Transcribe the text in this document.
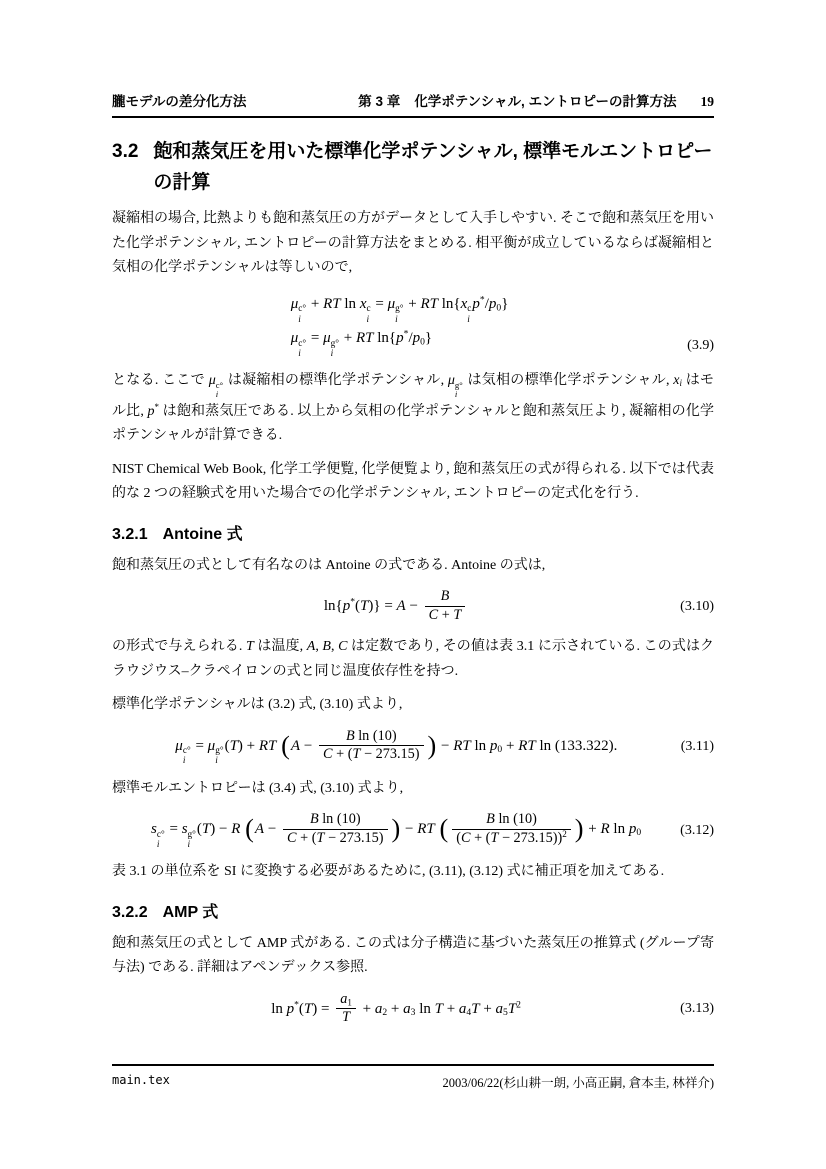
朧モデルの差分化方法	第 3 章 化学ポテンシャル, エントロピーの計算方法 19
3.2 飽和蒸気圧を用いた標準化学ポテンシャル, 標準モルエントロピーの計算

凝縮相の場合, 比熱よりも飽和蒸気圧の方がデータとして入手しやすい. そこで飽和蒸気圧を用いた化学ポテンシャル, エントロピーの計算方法をまとめる. 相平衡が成立しているならば凝縮相と気相の化学ポテンシャルは等しいので,

μ c°
i
+ RT ln x c
i
= μ g°
i
+ RT ln{x c
i
$p^*/p_0$}
μ c°
i
= μ g°
i
+ RT $\ln\{p^*/p_0\}$	(3.9)

となる. ここで μ c°
i
は凝縮相の標準化学ポテンシャル, μ g°
i
は気相の標準化学ポテンシャル, $x_i$ はモル比, p* は飽和蒸気圧である. 以上から気相の化学ポテンシャルと飽和蒸気圧より, 凝縮相の化学ポテンシャルが計算できる.

NIST Chemical Web Book, 化学工学便覧, 化学便覧より, 飽和蒸気圧の式が得られる. 以下では代表的な 2 つの経験式を用いた場合での化学ポテンシャル, エントロピーの定式化を行う.

3.2.1 Antoine 式

飽和蒸気圧の式として有名なのは Antoine の式である. Antoine の式は,

$\ln\{p^*(T)\} = A - \frac{B}{C + T}$	(3.10)

の形式で与えられる. T は温度, A, B, C は定数であり, その値は表 3.1 に示されている. この式はクラウジウス–クラペイロンの式と同じ温度依存性を持つ.

標準化学ポテンシャルは (3.2) 式, (3.10) 式より,

μ c°
i
= μ g°
i
(T) + RT ($A - \frac{\text{B ln (10)}}{C + (T - 273.15)}$ ) − RT $\ln p_0$ + RT ln (133.322).	(3.11)

標準モルエントロピーは (3.4) 式, (3.10) 式より,

s c°
i
= s g°
i
(T) − R ($A - \frac{\text{B ln (10)}}{C + (T - 273.15)}$ ) − RT ( $\frac{\text{B ln (10)}}{(C + (T - 273.15))^2}$ ) + R $\ln p_0$	(3.12)

表 3.1 の単位系を SI に変換する必要があるために, (3.11), (3.12) 式に補正項を加えてある.

3.2.2 AMP 式

飽和蒸気圧の式として AMP 式がある. この式は分子構造に基づいた蒸気圧の推算式 (グループ寄与法) である. 詳細はアペンデックス参照.

$\ln p^*(T) = \frac{a_1}{T} + a_2 + a_3$ $\ln T + a_4T + a_5T^2$	(3.13)
main.tex	2003/06/22(杉山耕一朗, 小高正嗣, 倉本圭, 林祥介)
